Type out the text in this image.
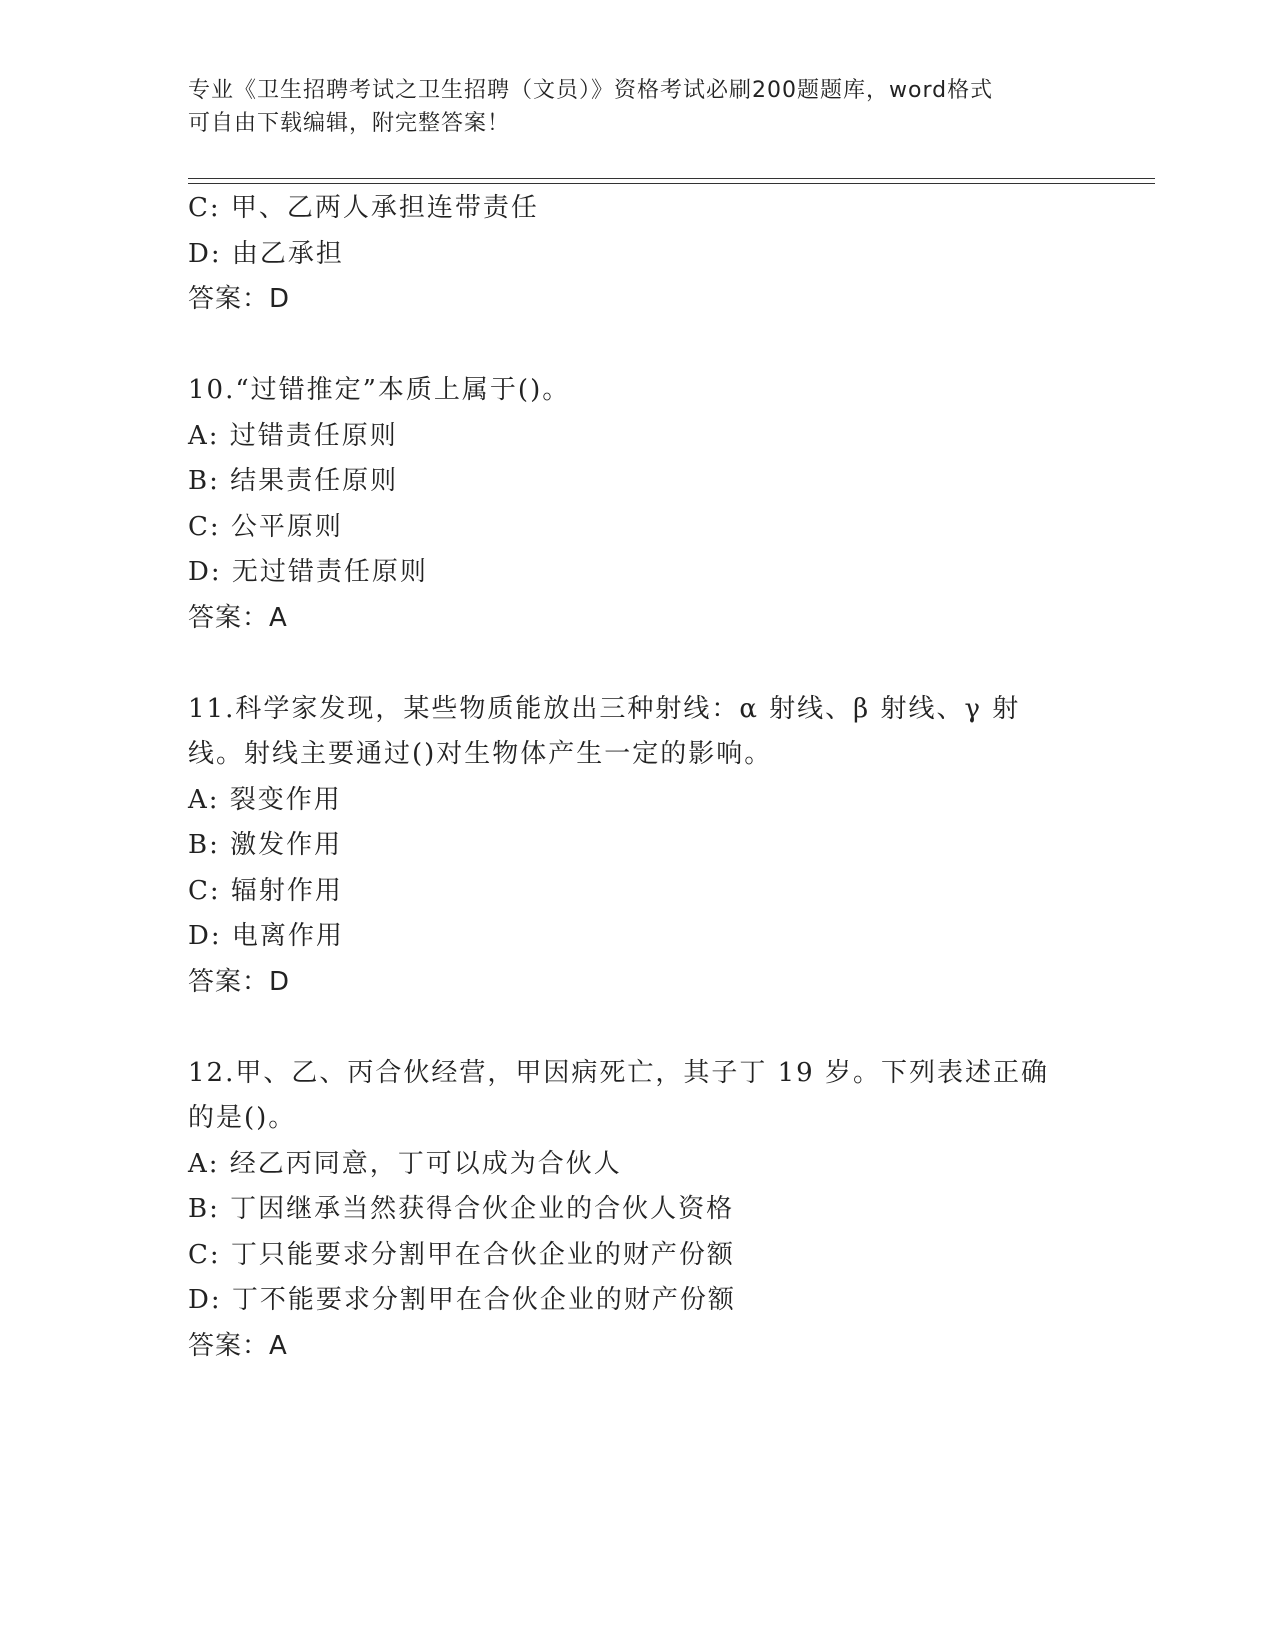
专业《卫生招聘考试之卫生招聘（文员）》资格考试必刷200题题库，word格式
可自由下载编辑，附完整答案！
C: 甲、乙两人承担连带责任
D: 由乙承担
答案：D
10.“过错推定”本质上属于()。
A: 过错责任原则
B: 结果责任原则
C: 公平原则
D: 无过错责任原则
答案：A
11.科学家发现，某些物质能放出三种射线：α 射线、β 射线、γ 射线。射线主要通过()对生物体产生一定的影响。
A: 裂变作用
B: 激发作用
C: 辐射作用
D: 电离作用
答案：D
12.甲、乙、丙合伙经营，甲因病死亡，其子丁 19 岁。下列表述正确的是()。
A: 经乙丙同意，丁可以成为合伙人
B: 丁因继承当然获得合伙企业的合伙人资格
C: 丁只能要求分割甲在合伙企业的财产份额
D: 丁不能要求分割甲在合伙企业的财产份额
答案：A
